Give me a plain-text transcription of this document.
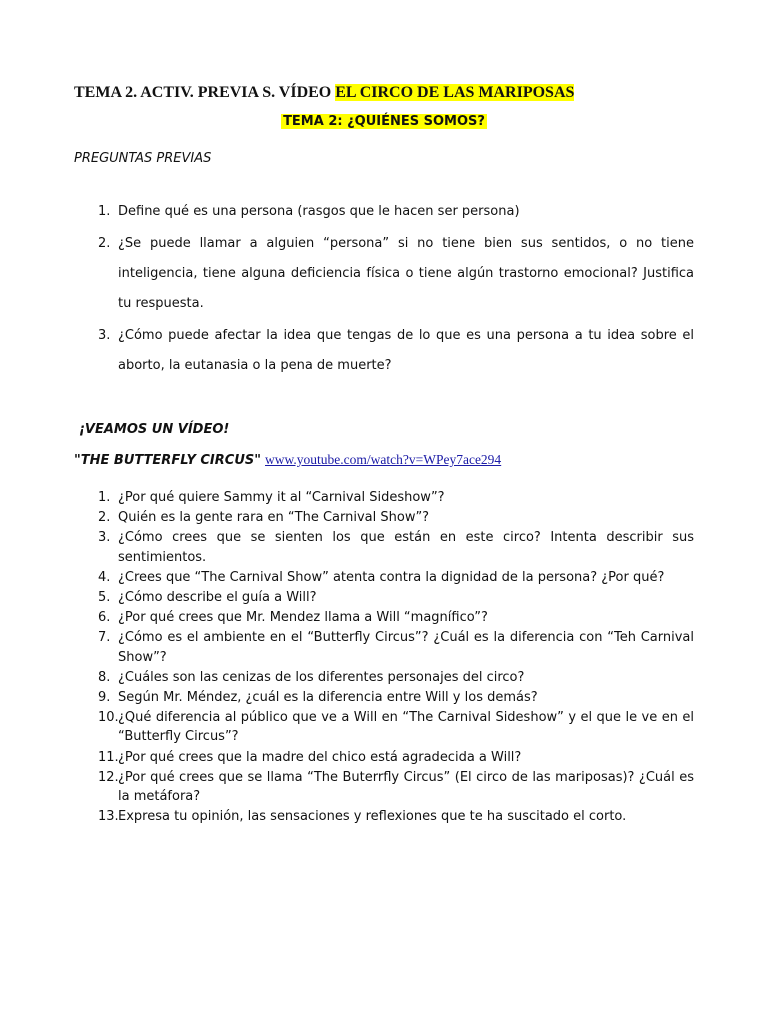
TEMA 2. ACTIV. PREVIA S. VÍDEO EL CIRCO DE LAS MARIPOSAS
TEMA 2: ¿QUIÉNES SOMOS?
PREGUNTAS PREVIAS
1. Define qué es una persona (rasgos que le hacen ser persona)
2. ¿Se puede llamar a alguien “persona” si no tiene bien sus sentidos, o no tiene inteligencia, tiene alguna deficiencia física o tiene algún trastorno emocional? Justifica tu respuesta.
3. ¿Cómo puede afectar la idea que tengas de lo que es una persona a tu idea sobre el aborto, la eutanasia o la pena de muerte?
¡VEAMOS UN VÍDEO!
"THE BUTTERFLY CIRCUS" www.youtube.com/watch?v=WPey7ace294
1. ¿Por qué quiere Sammy it al “Carnival Sideshow”?
2. Quién es la gente rara en “The Carnival Show”?
3. ¿Cómo crees que se sienten los que están en este circo? Intenta describir sus sentimientos.
4. ¿Crees que “The Carnival Show” atenta contra la dignidad de la persona? ¿Por qué?
5. ¿Cómo describe el guía a Will?
6. ¿Por qué crees que Mr. Mendez llama a Will “magnífico”?
7. ¿Cómo es el ambiente en el “Butterfly Circus”? ¿Cuál es la diferencia con “Teh Carnival Show”?
8. ¿Cuáles son las cenizas de los diferentes personajes del circo?
9. Según Mr. Méndez, ¿cuál es la diferencia entre Will y los demás?
10. ¿Qué diferencia al público que ve a Will en “The Carnival Sideshow” y el que le ve en el “Butterfly Circus”?
11. ¿Por qué crees que la madre del chico está agradecida a Will?
12. ¿Por qué crees que se llama “The Buterrfly Circus” (El circo de las mariposas)? ¿Cuál es la metáfora?
13. Expresa tu opinión, las sensaciones y reflexiones que te ha suscitado el corto.
